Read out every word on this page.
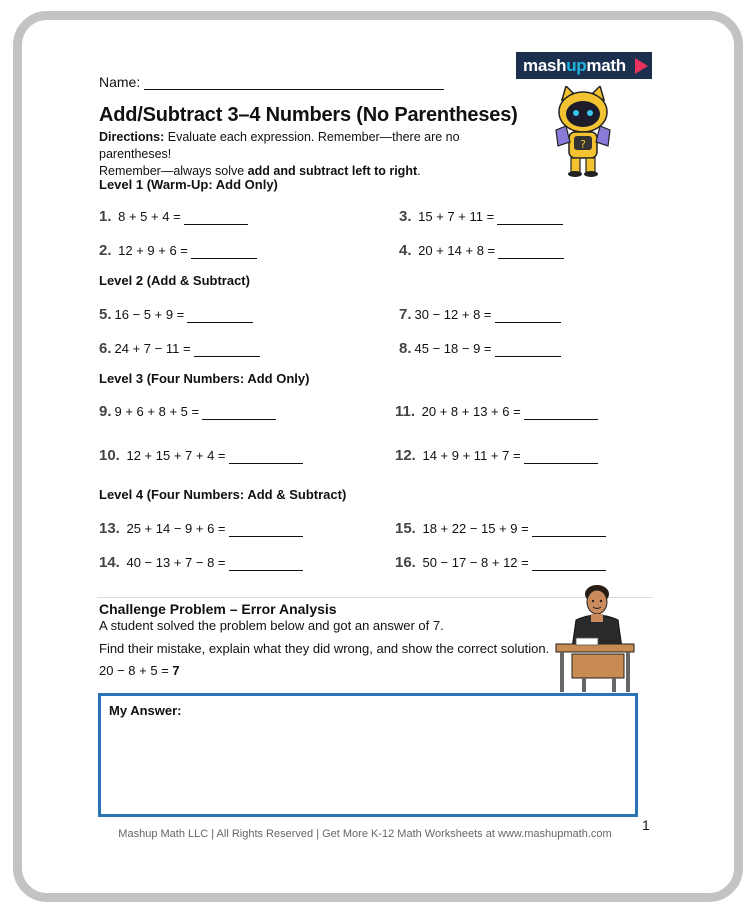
Name:
mashupmath
?
Add/Subtract 3–4 Numbers (No Parentheses)
Directions: Evaluate each expression. Remember—there are no parentheses!
Remember—always solve add and subtract left to right.
Level 1 (Warm-Up: Add Only)
Level 2 (Add & Subtract)
Level 3 (Four Numbers: Add Only)
Level 4 (Four Numbers: Add & Subtract)
1. 8 + 5 + 4 =
2. 12 + 9 + 6 =
3. 15 + 7 + 11 =
4. 20 + 14 + 8 =
5. 16 − 5 + 9 =
6. 24 + 7 − 11 =
7. 30 − 12 + 8 =
8. 45 − 18 − 9 =
9. 9 + 6 + 8 + 5 =
10. 12 + 15 + 7 + 4 =
11. 20 + 8 + 13 + 6 =
12. 14 + 9 + 11 + 7 =
13. 25 + 14 − 9 + 6 =
14. 40 − 13 + 7 − 8 =
15. 18 + 22 − 15 + 9 =
16. 50 − 17 − 8 + 12 =
Challenge Problem – Error Analysis
A student solved the problem below and got an answer of 7.
Find their mistake, explain what they did wrong, and show the correct solution.
20 − 8 + 5 = 7
My Answer:
1
Mashup Math LLC | All Rights Reserved | Get More K-12 Math Worksheets at www.mashupmath.com
